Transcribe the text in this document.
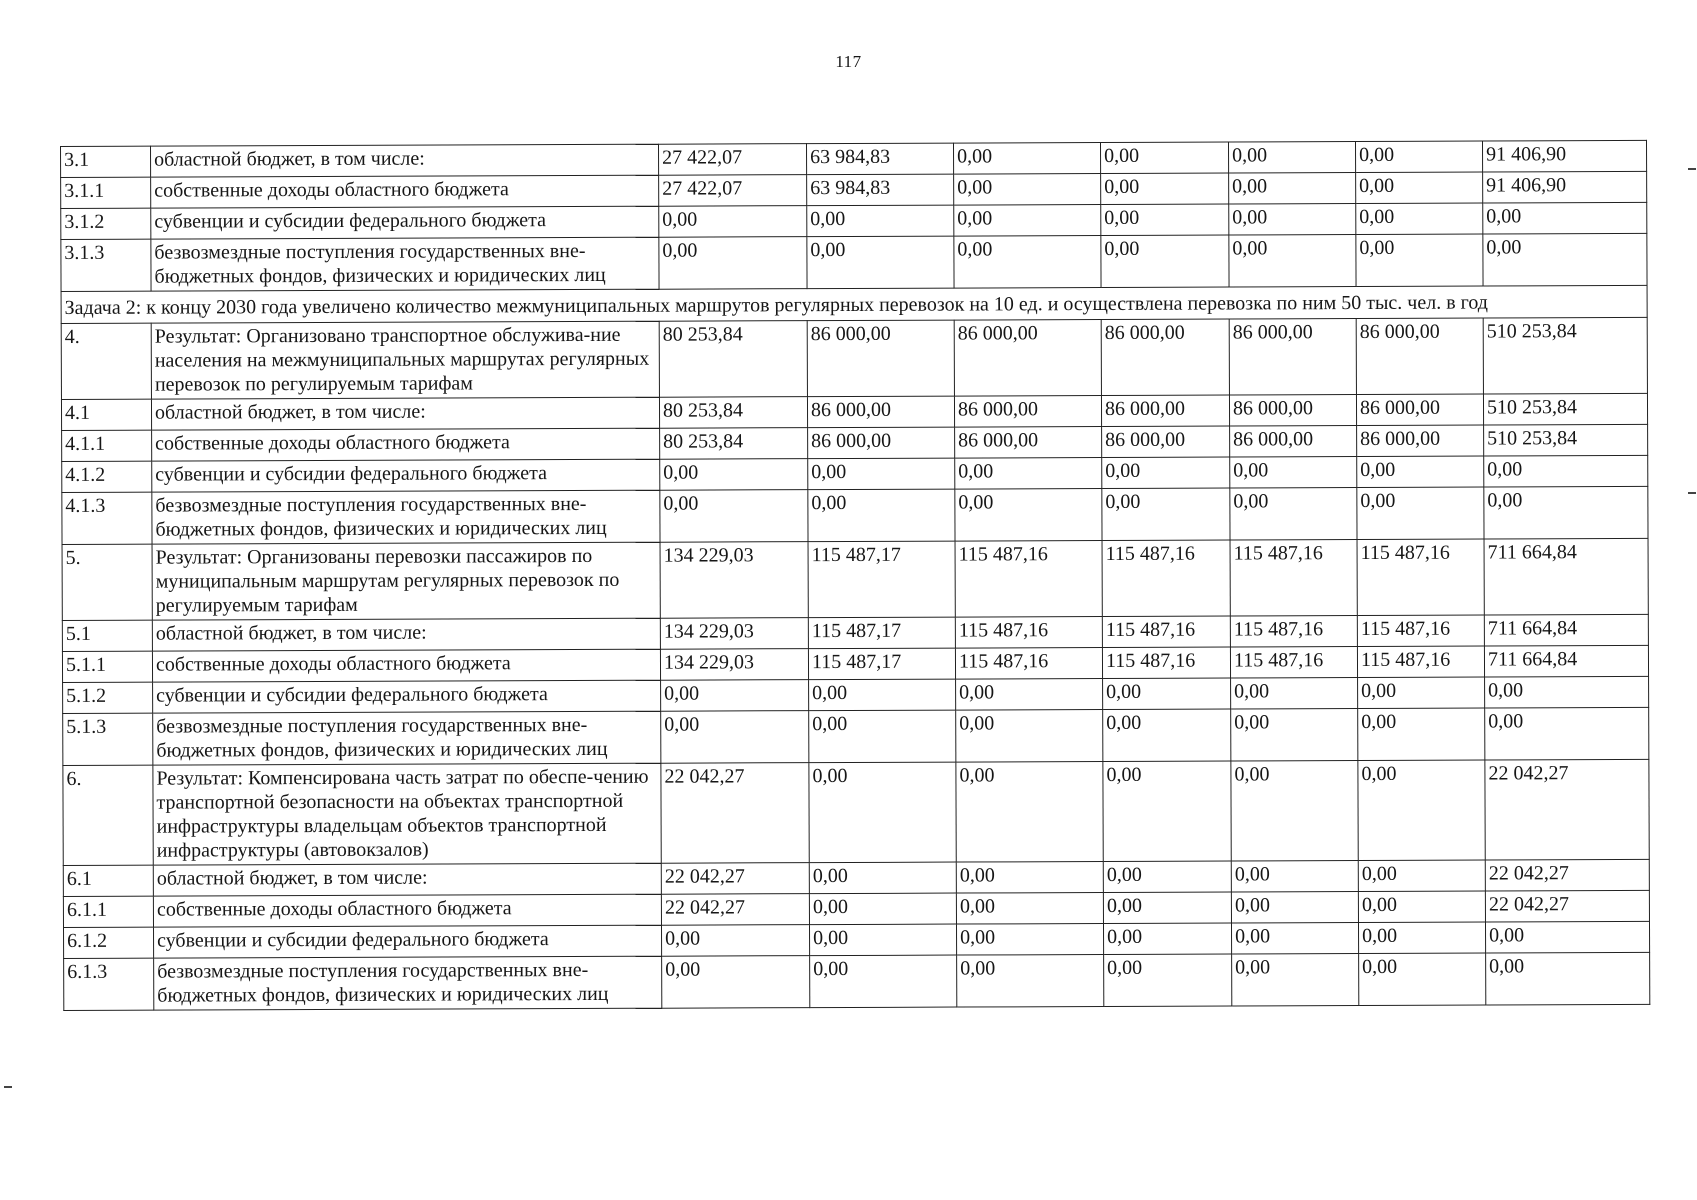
117
3.1	областной бюджет, в том числе:	27 422,07	63 984,83	0,00	0,00	0,00	0,00	91 406,90
3.1.1	собственные доходы областного бюджета	27 422,07	63 984,83	0,00	0,00	0,00	0,00	91 406,90
3.1.2	субвенции и субсидии федерального бюджета	0,00	0,00	0,00	0,00	0,00	0,00	0,00
3.1.3	безвозмездные поступления государственных вне-бюджетных фондов, физических и юридических лиц	0,00	0,00	0,00	0,00	0,00	0,00	0,00
Задача 2: к концу 2030 года увеличено количество межмуниципальных маршрутов регулярных перевозок на 10 ед. и осуществлена перевозка по ним 50 тыс. чел. в год								
4.	Результат: Организовано транспортное обслужива-ние населения на межмуниципальных маршрутах регулярных перевозок по регулируемым тарифам	80 253,84	86 000,00	86 000,00	86 000,00	86 000,00	86 000,00	510 253,84
4.1	областной бюджет, в том числе:	80 253,84	86 000,00	86 000,00	86 000,00	86 000,00	86 000,00	510 253,84
4.1.1	собственные доходы областного бюджета	80 253,84	86 000,00	86 000,00	86 000,00	86 000,00	86 000,00	510 253,84
4.1.2	субвенции и субсидии федерального бюджета	0,00	0,00	0,00	0,00	0,00	0,00	0,00
4.1.3	безвозмездные поступления государственных вне-бюджетных фондов, физических и юридических лиц	0,00	0,00	0,00	0,00	0,00	0,00	0,00
5.	Результат: Организованы перевозки пассажиров по муниципальным маршрутам регулярных перевозок по регулируемым тарифам	134 229,03	115 487,17	115 487,16	115 487,16	115 487,16	115 487,16	711 664,84
5.1	областной бюджет, в том числе:	134 229,03	115 487,17	115 487,16	115 487,16	115 487,16	115 487,16	711 664,84
5.1.1	собственные доходы областного бюджета	134 229,03	115 487,17	115 487,16	115 487,16	115 487,16	115 487,16	711 664,84
5.1.2	субвенции и субсидии федерального бюджета	0,00	0,00	0,00	0,00	0,00	0,00	0,00
5.1.3	безвозмездные поступления государственных вне-бюджетных фондов, физических и юридических лиц	0,00	0,00	0,00	0,00	0,00	0,00	0,00
6.	Результат: Компенсирована часть затрат по обеспе-чению транспортной безопасности на объектах транспортной инфраструктуры владельцам объектов транспортной инфраструктуры (автовокзалов)	22 042,27	0,00	0,00	0,00	0,00	0,00	22 042,27
6.1	областной бюджет, в том числе:	22 042,27	0,00	0,00	0,00	0,00	0,00	22 042,27
6.1.1	собственные доходы областного бюджета	22 042,27	0,00	0,00	0,00	0,00	0,00	22 042,27
6.1.2	субвенции и субсидии федерального бюджета	0,00	0,00	0,00	0,00	0,00	0,00	0,00
6.1.3	безвозмездные поступления государственных вне-бюджетных фондов, физических и юридических лиц	0,00	0,00	0,00	0,00	0,00	0,00	0,00
